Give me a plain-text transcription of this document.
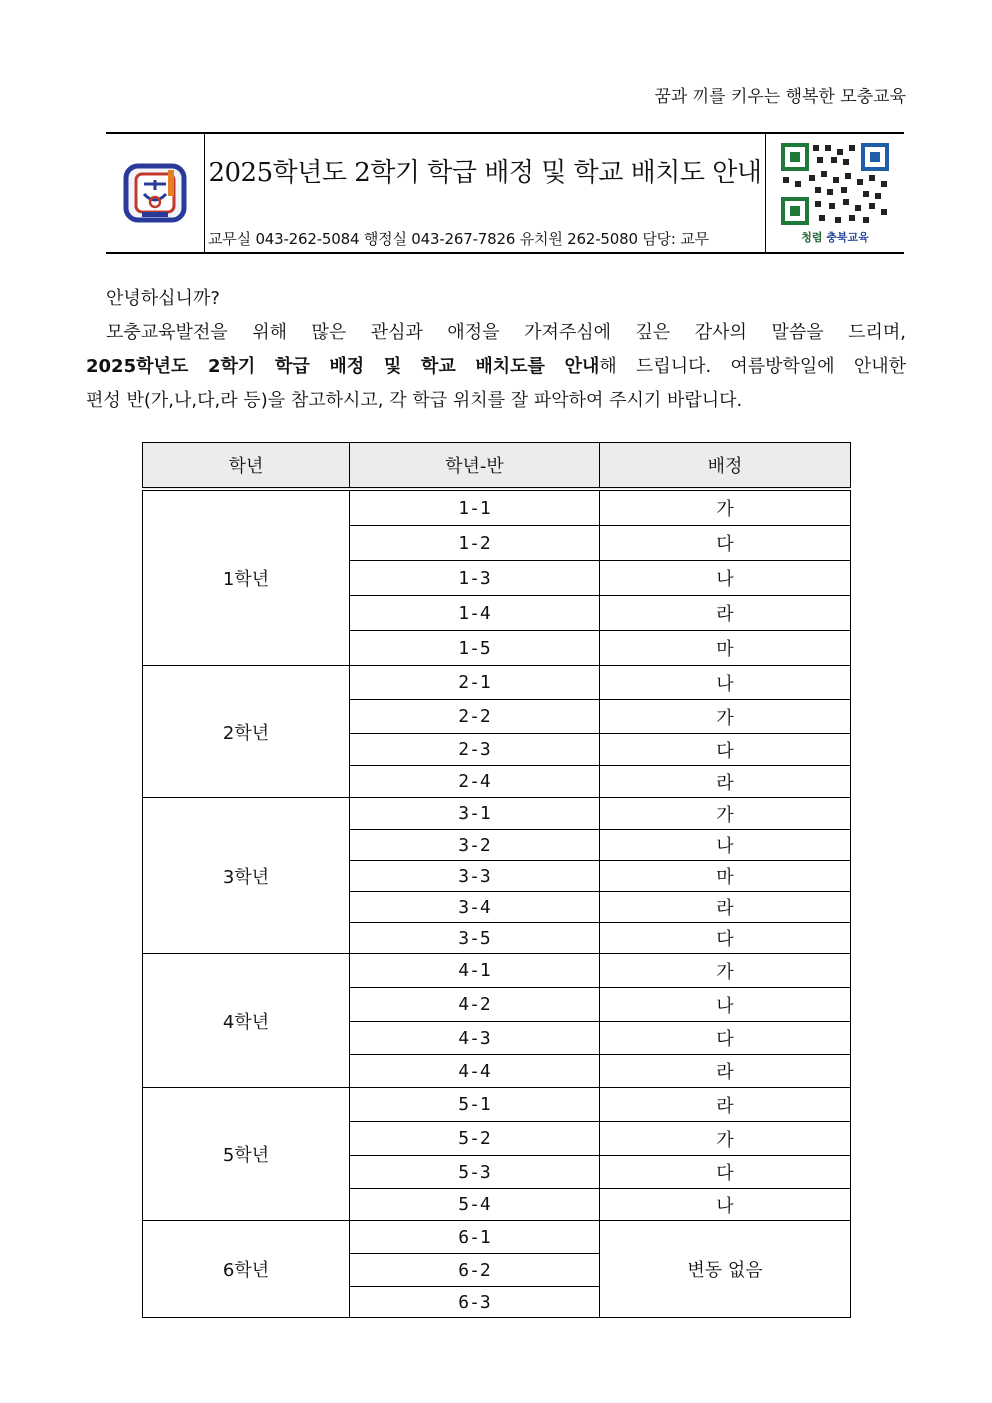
꿈과 끼를 키우는 행복한 모충교육
2025학년도 2학기 학급 배정 및 학교 배치도 안내
교무실 043-262-5084 행정실 043-267-7826 유치원 262-5080 담당: 교무	청렴 충북교육

안녕하십니까?

모충교육발전을 위해 많은 관심과 애정을 가져주심에 깊은 감사의 말씀을 드리며,

2025학년도 2학기 학급 배정 및 학교 배치도를 안내해 드립니다. 여름방학일에 안내한

편성 반(가,나,다,라 등)을 참고하시고, 각 학급 위치를 잘 파악하여 주시기 바랍니다.

학년	학년-반	배정
1학년	1-1	가
	1-2	다
	1-3	나
	1-4	라
	1-5	마
2학년	2-1	나
	2-2	가
	2-3	다
	2-4	라
3학년	3-1	가
	3-2	나
	3-3	마
	3-4	라
	3-5	다
4학년	4-1	가
	4-2	나
	4-3	다
	4-4	라
5학년	5-1	라
	5-2	가
	5-3	다
	5-4	나
6학년	6-1	변동 없음
	6-2	
	6-3	
